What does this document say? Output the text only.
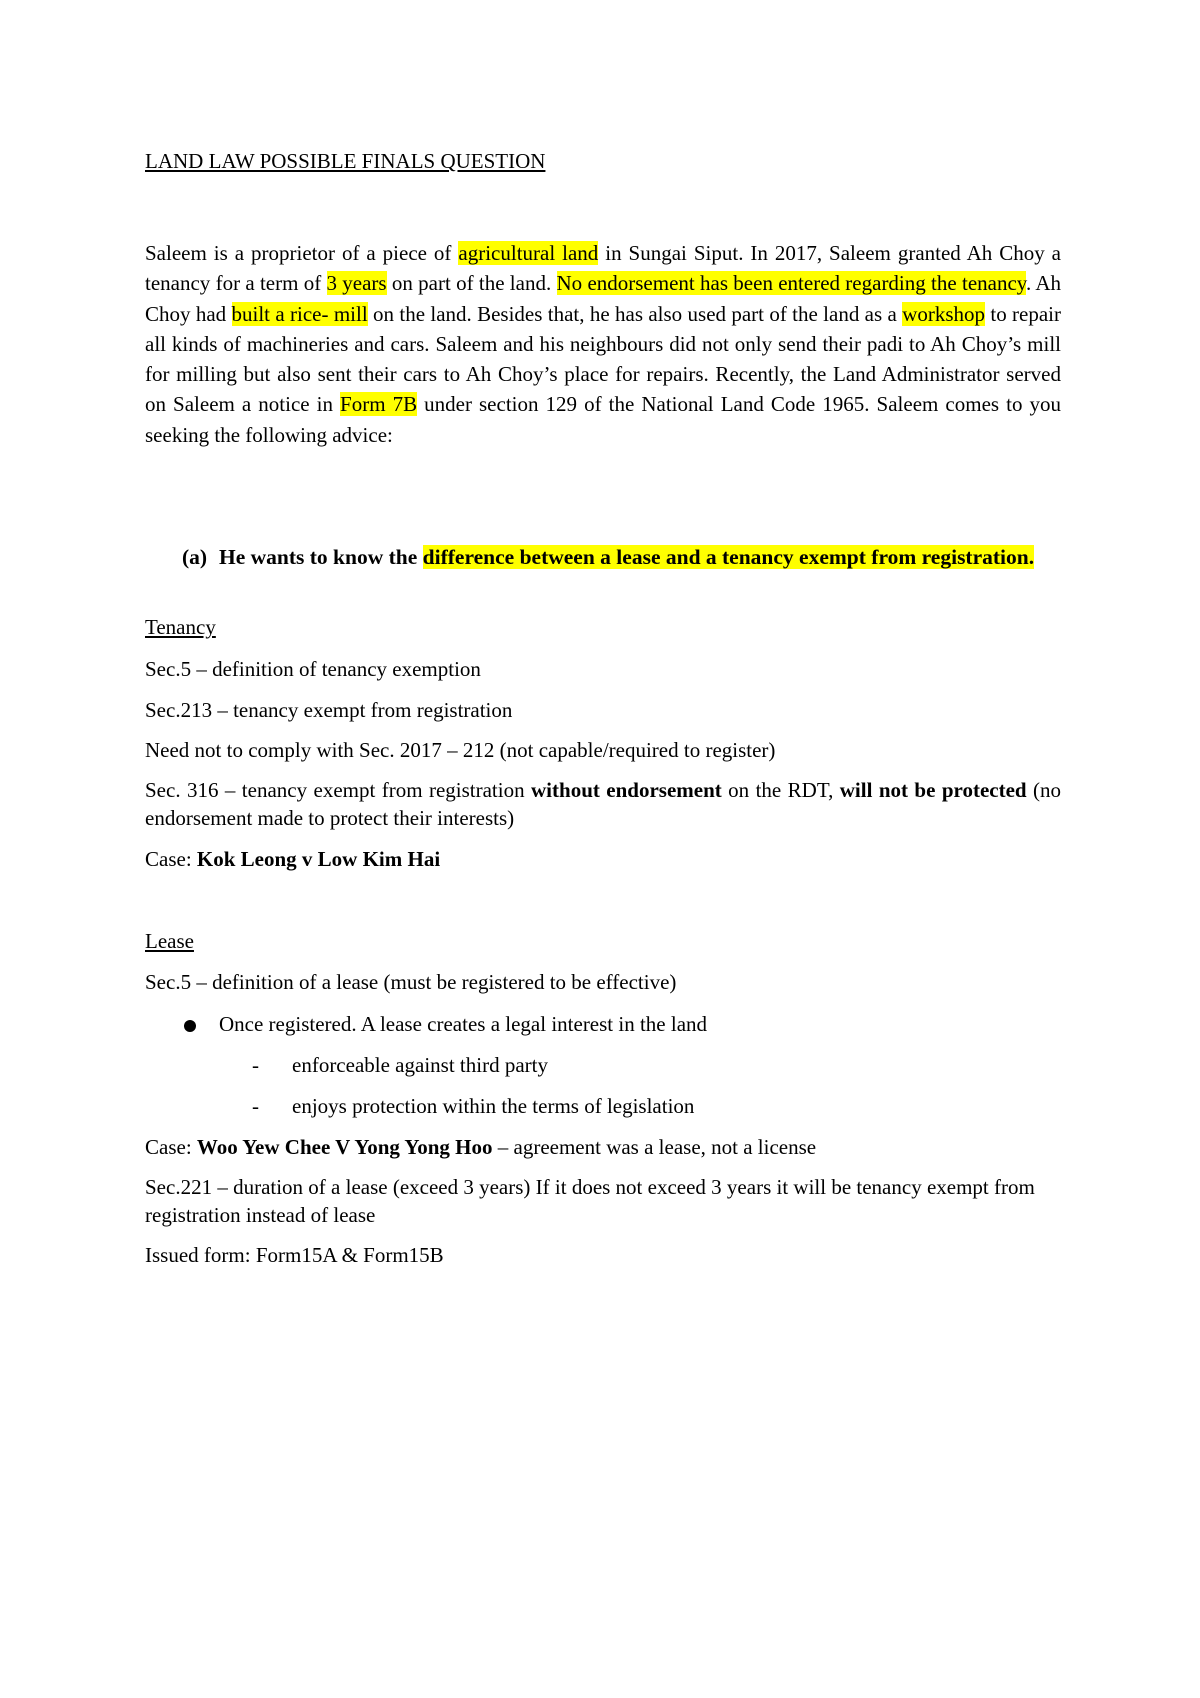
LAND LAW POSSIBLE FINALS QUESTION
Saleem is a proprietor of a piece of agricultural land in Sungai Siput. In 2017, Saleem granted Ah Choy a tenancy for a term of 3 years on part of the land. No endorsement has been entered regarding the tenancy. Ah Choy had built a rice- mill on the land. Besides that, he has also used part of the land as a workshop to repair all kinds of machineries and cars. Saleem and his neighbours did not only send their padi to Ah Choy’s mill for milling but also sent their cars to Ah Choy’s place for repairs. Recently, the Land Administrator served on Saleem a notice in Form 7B under section 129 of the National Land Code 1965. Saleem comes to you seeking the following advice:
(a) He wants to know the difference between a lease and a tenancy exempt from registration.
Tenancy
Sec.5 – definition of tenancy exemption
Sec.213 – tenancy exempt from registration
Need not to comply with Sec. 2017 – 212 (not capable/required to register)
Sec. 316 – tenancy exempt from registration without endorsement on the RDT, will not be protected (no endorsement made to protect their interests)
Case: Kok Leong v Low Kim Hai
Lease
Sec.5 – definition of a lease (must be registered to be effective)
Once registered. A lease creates a legal interest in the land
- enforceable against third party
- enjoys protection within the terms of legislation
Case: Woo Yew Chee V Yong Yong Hoo – agreement was a lease, not a license
Sec.221 – duration of a lease (exceed 3 years) If it does not exceed 3 years it will be tenancy exempt from registration instead of lease
Issued form: Form15A & Form15B
